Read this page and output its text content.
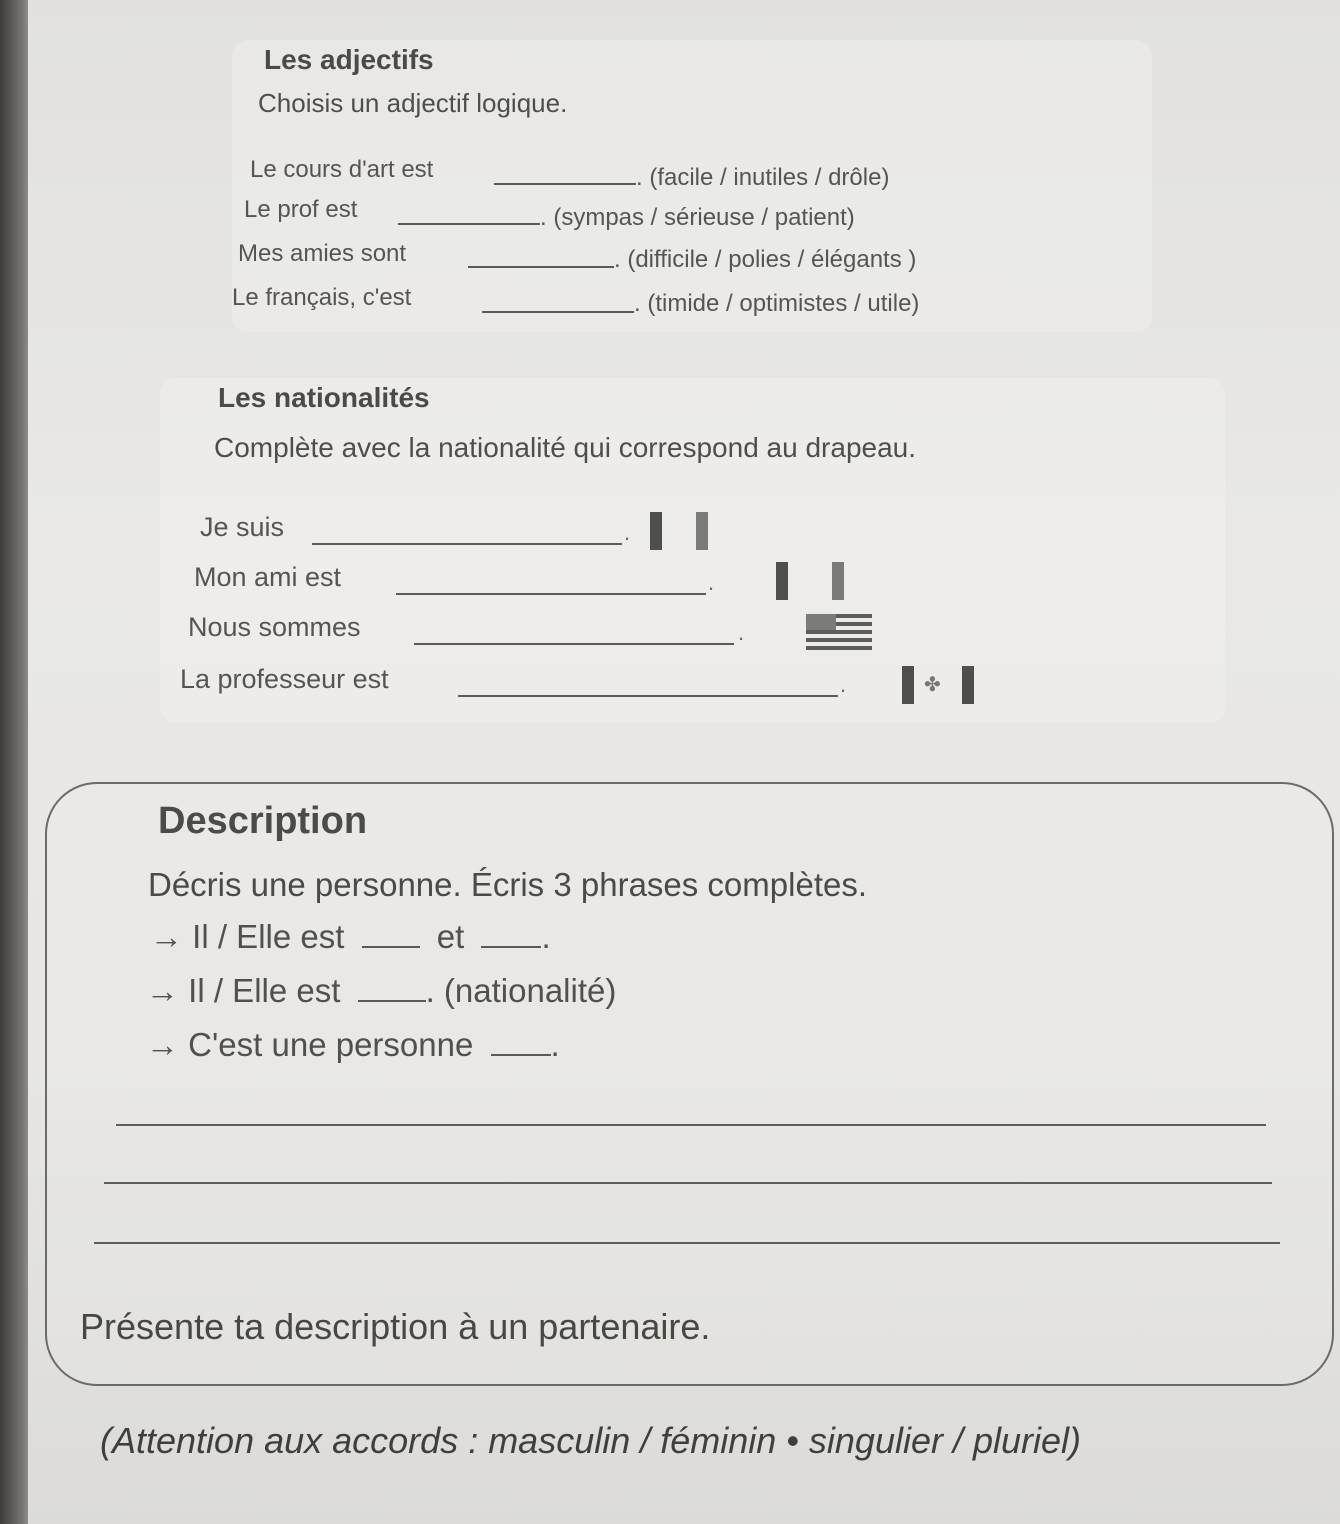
Les adjectifs
Choisis un adjectif logique.
Le cours d'art est	. (facile / inutiles / drôle)
Le prof est	. (sympas / sérieuse / patient)
Mes amies sont	. (difficile / polies / élégants )
Le français, c'est	. (timide / optimistes / utile)
Les nationalités
Complète avec la nationalité qui correspond au drapeau.
Je suis	.
Mon ami est	.
Nous sommes	.
La professeur est	.	✤
Description
Décris une personne. Écris 3 phrases complètes.
→ Il / Elle est	et .
→ Il / Elle est	. (nationalité)
→ C'est une personne .
Présente ta description à un partenaire.
(Attention aux accords : masculin / féminin • singulier / pluriel)
